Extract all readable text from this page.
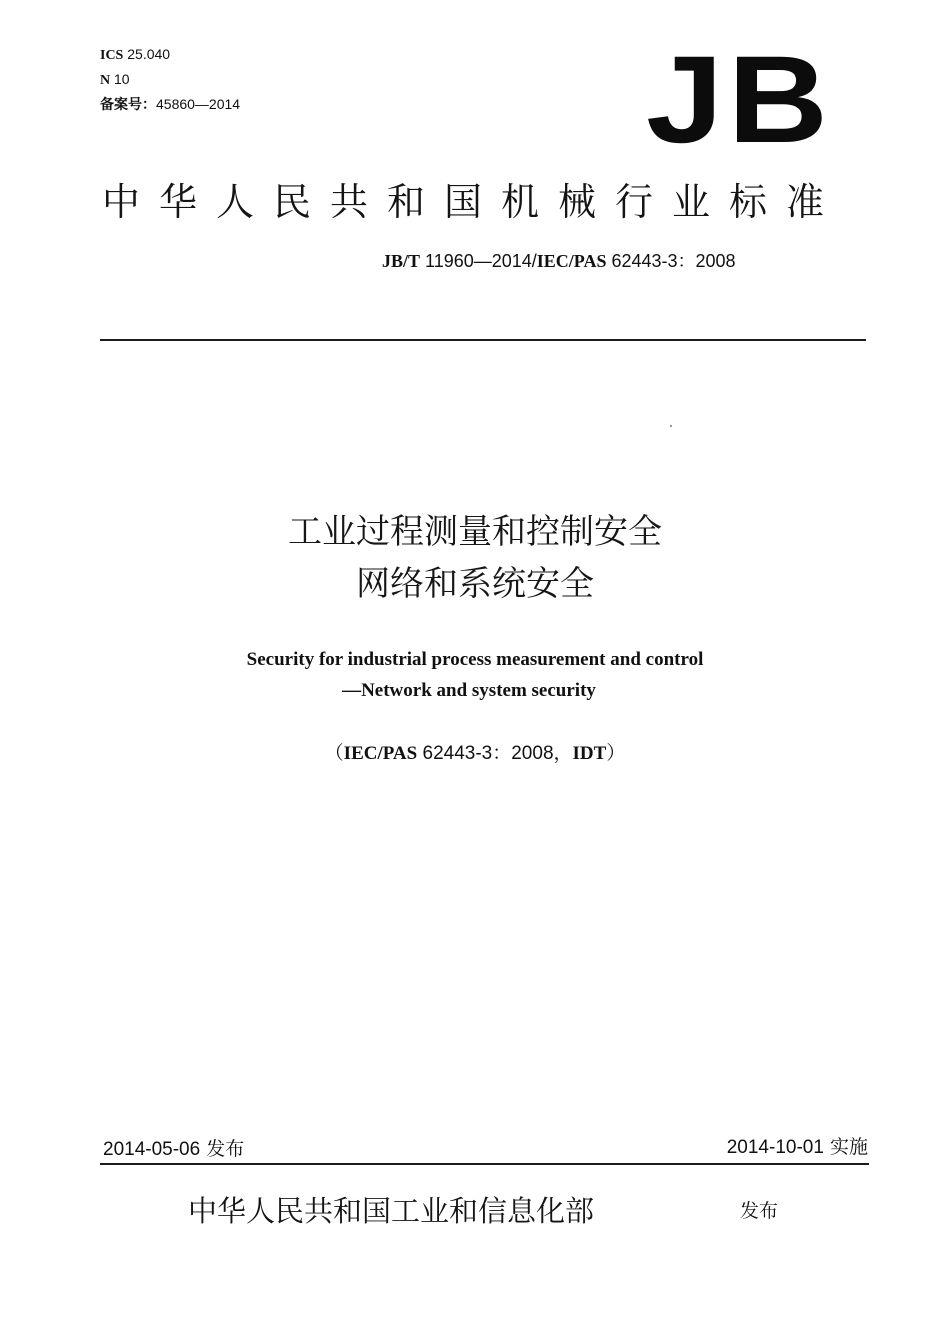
ICS 25.040
N 10
备案号：45860—2014	JB
中华人民共和国机械行业标准
JB/T 11960—2014/IEC/PAS 62443-3：2008
工业过程测量和控制安全
网络和系统安全
Security for industrial process measurement and control
—Network and system security
（IEC/PAS 62443-3：2008，IDT）
2014-05-06 发布	2014-10-01 实施
中华人民共和国工业和信息化部	发布
